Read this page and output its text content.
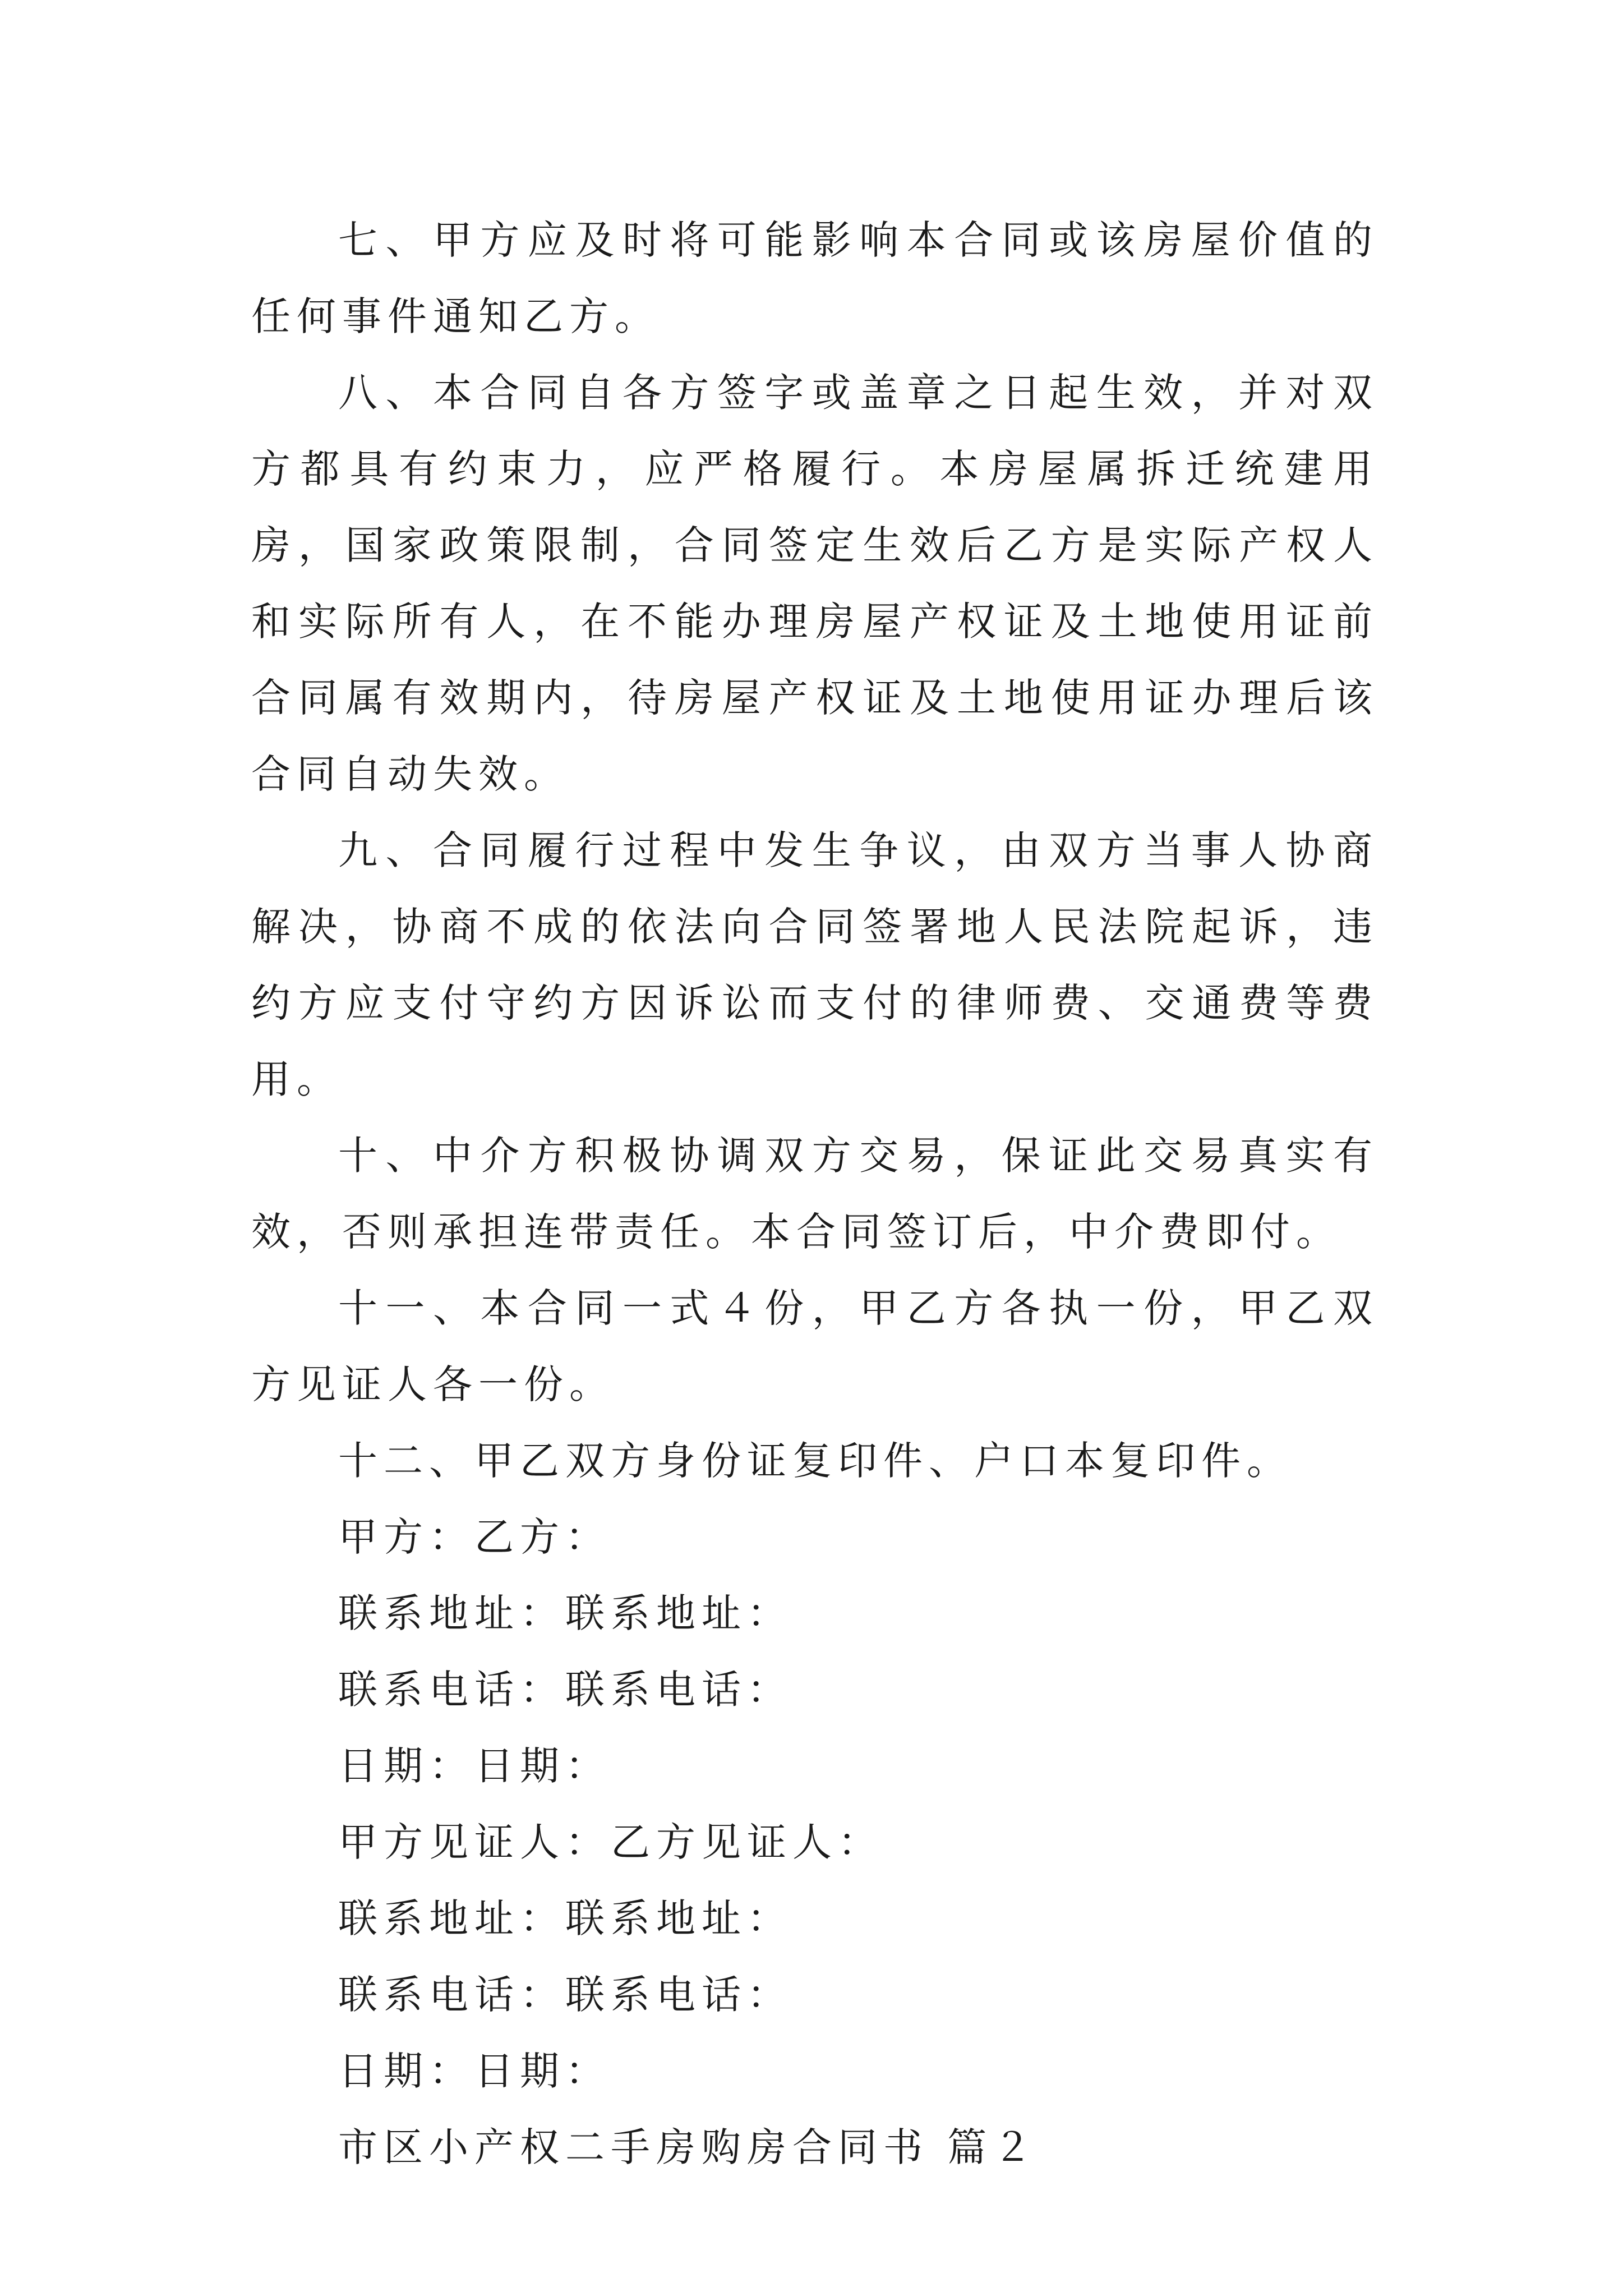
七、甲方应及时将可能影响本合同或该房屋价值的任何事件通知乙方。

八、本合同自各方签字或盖章之日起生效，并对双方都具有约束力，应严格履行。本房屋属拆迁统建用房，国家政策限制，合同签定生效后乙方是实际产权人和实际所有人，在不能办理房屋产权证及土地使用证前合同属有效期内，待房屋产权证及土地使用证办理后该合同自动失效。

九、合同履行过程中发生争议，由双方当事人协商解决，协商不成的依法向合同签署地人民法院起诉，违约方应支付守约方因诉讼而支付的律师费、交通费等费用。

十、中介方积极协调双方交易，保证此交易真实有效，否则承担连带责任。本合同签订后，中介费即付。

十一、本合同一式４份，甲乙方各执一份，甲乙双方见证人各一份。

十二、甲乙双方身份证复印件、户口本复印件。

甲方：乙方：
联系地址：联系地址：
联系电话：联系电话：
日期：日期：
甲方见证人：乙方见证人：
联系地址：联系地址：
联系电话：联系电话：
日期：日期：
市区小产权二手房购房合同书 篇２
